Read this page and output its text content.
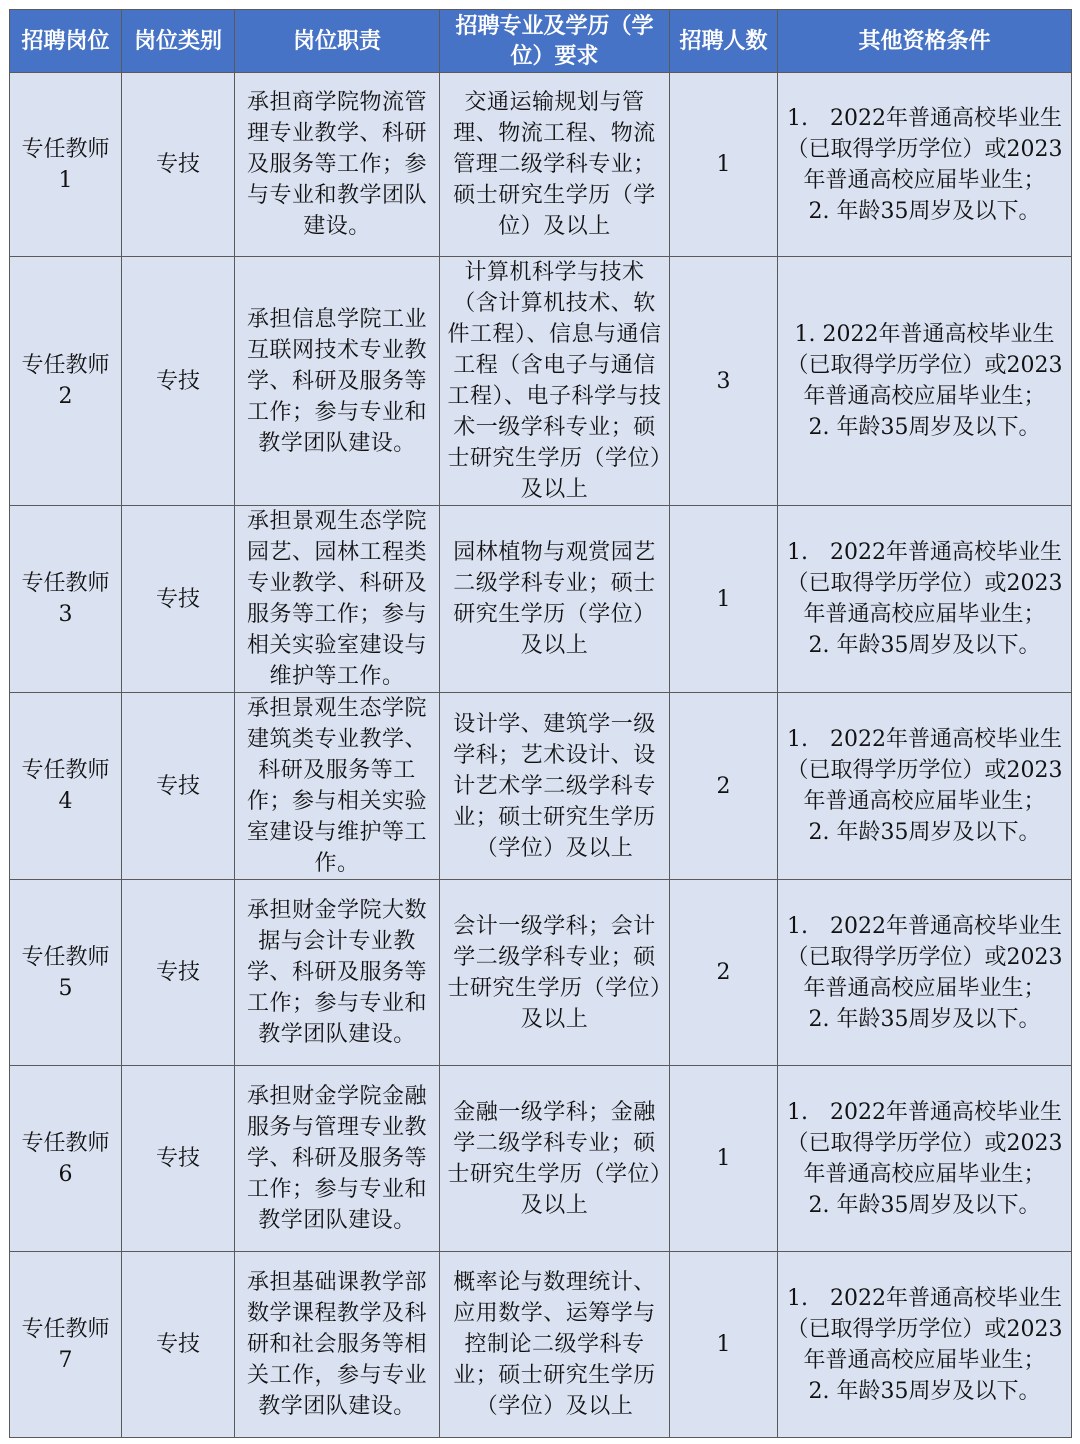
招聘岗位	岗位类别	岗位职责	招聘专业及学历（学位）要求	招聘人数	其他资格条件
专任教师1	专技	承担商学院物流管理专业教学、科研及服务等工作；参与专业和教学团队建设。	交通运输规划与管理、物流工程、物流管理二级学科专业；硕士研究生学历（学位）及以上	1	1.　2022年普通高校毕业生（已取得学历学位）或2023年普通高校应届毕业生；
2. 年龄35周岁及以下。

专任教师2	专技	承担信息学院工业互联网技术专业教学、科研及服务等工作；参与专业和教学团队建设。	计算机科学与技术（含计算机技术、软件工程）、信息与通信工程（含电子与通信工程）、电子科学与技术一级学科专业；硕士研究生学历（学位）及以上	3	1. 2022年普通高校毕业生（已取得学历学位）或2023年普通高校应届毕业生；
2. 年龄35周岁及以下。

专任教师3	专技	承担景观生态学院园艺、园林工程类专业教学、科研及服务等工作；参与相关实验室建设与维护等工作。	园林植物与观赏园艺二级学科专业；硕士研究生学历（学位）及以上	1	1.　2022年普通高校毕业生（已取得学历学位）或2023年普通高校应届毕业生；
2. 年龄35周岁及以下。

专任教师4	专技	承担景观生态学院建筑类专业教学、科研及服务等工作；参与相关实验室建设与维护等工作。	设计学、建筑学一级学科；艺术设计、设计艺术学二级学科专业；硕士研究生学历（学位）及以上	2	1.　2022年普通高校毕业生（已取得学历学位）或2023年普通高校应届毕业生；
2. 年龄35周岁及以下。

专任教师5	专技	承担财金学院大数据与会计专业教学、科研及服务等工作；参与专业和教学团队建设。	会计一级学科；会计学二级学科专业；硕士研究生学历（学位）及以上	2	1.　2022年普通高校毕业生（已取得学历学位）或2023年普通高校应届毕业生；
2. 年龄35周岁及以下。

专任教师6	专技	承担财金学院金融服务与管理专业教学、科研及服务等工作；参与专业和教学团队建设。	金融一级学科；金融学二级学科专业；硕士研究生学历（学位）及以上	1	1.　2022年普通高校毕业生（已取得学历学位）或2023年普通高校应届毕业生；
2. 年龄35周岁及以下。

专任教师7	专技	承担基础课教学部数学课程教学及科研和社会服务等相关工作，参与专业教学团队建设。	概率论与数理统计、应用数学、运筹学与控制论二级学科专业；硕士研究生学历（学位）及以上	1	1.　2022年普通高校毕业生（已取得学历学位）或2023年普通高校应届毕业生；
2. 年龄35周岁及以下。
